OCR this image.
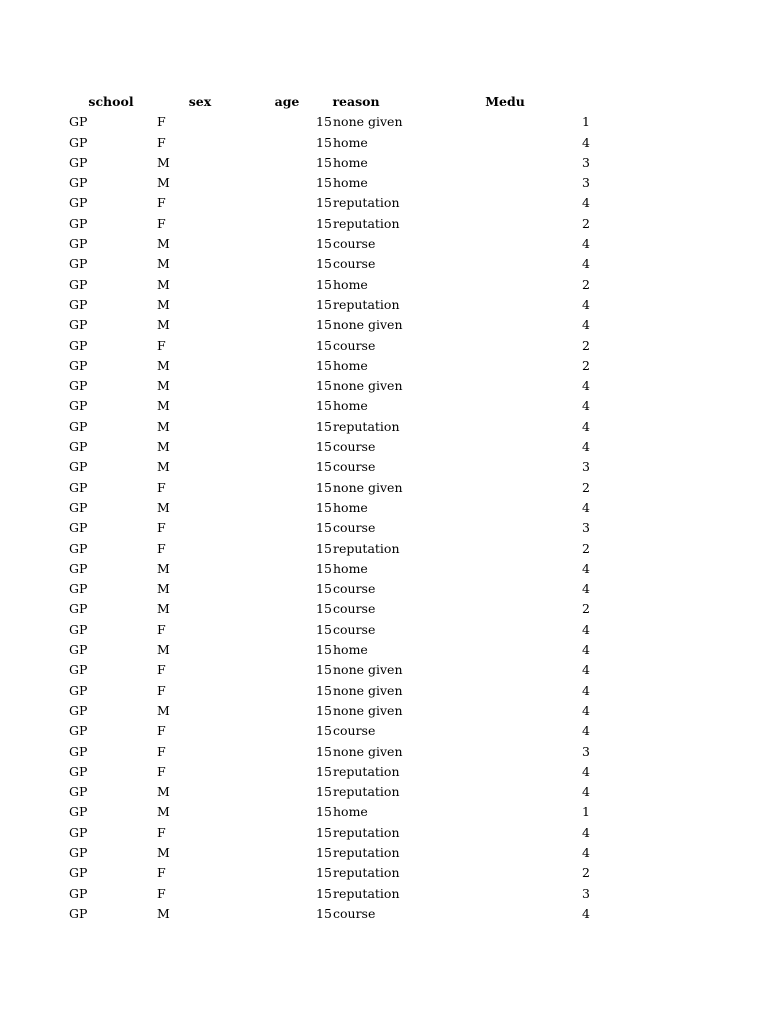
school	sex	age	reason	Medu
GP	F	15 none given	1
GP	F	15 home	4
GP	M	15 home	3
GP	M	15 home	3
GP	F	15 reputation	4
GP	F	15 reputation	2
GP	M	15 course	4
GP	M	15 course	4
GP	M	15 home	2
GP	M	15 reputation	4
GP	M	15 none given	4
GP	F	15 course	2
GP	M	15 home	2
GP	M	15 none given	4
GP	M	15 home	4
GP	M	15 reputation	4
GP	M	15 course	4
GP	M	15 course	3
GP	F	15 none given	2
GP	M	15 home	4
GP	F	15 course	3
GP	F	15 reputation	2
GP	M	15 home	4
GP	M	15 course	4
GP	M	15 course	2
GP	F	15 course	4
GP	M	15 home	4
GP	F	15 none given	4
GP	F	15 none given	4
GP	M	15 none given	4
GP	F	15 course	4
GP	F	15 none given	3
GP	F	15 reputation	4
GP	M	15 reputation	4
GP	M	15 home	1
GP	F	15 reputation	4
GP	M	15 reputation	4
GP	F	15 reputation	2
GP	F	15 reputation	3
GP	M	15 course	4
